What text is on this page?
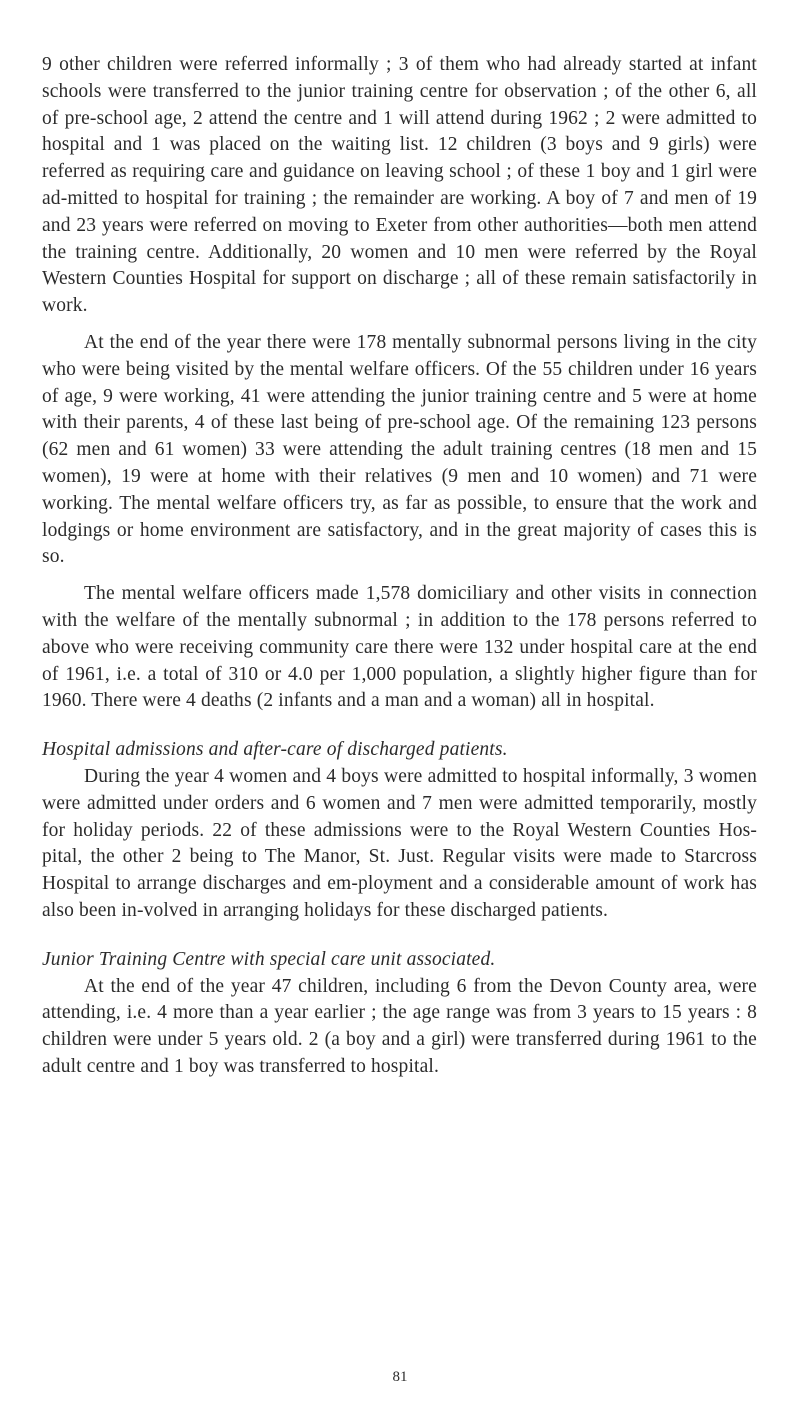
9 other children were referred informally ; 3 of them who had already started at infant schools were transferred to the junior training centre for observation ; of the other 6, all of pre-school age, 2 attend the centre and 1 will attend during 1962 ; 2 were admitted to hospital and 1 was placed on the waiting list. 12 children (3 boys and 9 girls) were referred as requiring care and guidance on leaving school ; of these 1 boy and 1 girl were ad-mitted to hospital for training ; the remainder are working. A boy of 7 and men of 19 and 23 years were referred on moving to Exeter from other authorities—both men attend the training centre. Additionally, 20 women and 10 men were referred by the Royal Western Counties Hospital for support on discharge ; all of these remain satisfactorily in work.

At the end of the year there were 178 mentally subnormal persons living in the city who were being visited by the mental welfare officers. Of the 55 children under 16 years of age, 9 were working, 41 were attending the junior training centre and 5 were at home with their parents, 4 of these last being of pre-school age. Of the remaining 123 persons (62 men and 61 women) 33 were attending the adult training centres (18 men and 15 women), 19 were at home with their relatives (9 men and 10 women) and 71 were working. The mental welfare officers try, as far as possible, to ensure that the work and lodgings or home environment are satisfactory, and in the great majority of cases this is so.

The mental welfare officers made 1,578 domiciliary and other visits in connection with the welfare of the mentally subnormal ; in addition to the 178 persons referred to above who were receiving community care there were 132 under hospital care at the end of 1961, i.e. a total of 310 or 4.0 per 1,000 population, a slightly higher figure than for 1960. There were 4 deaths (2 infants and a man and a woman) all in hospital.

Hospital admissions and after-care of discharged patients.

During the year 4 women and 4 boys were admitted to hospital informally, 3 women were admitted under orders and 6 women and 7 men were admitted temporarily, mostly for holiday periods. 22 of these admissions were to the Royal Western Counties Hos-pital, the other 2 being to The Manor, St. Just. Regular visits were made to Starcross Hospital to arrange discharges and em-ployment and a considerable amount of work has also been in-volved in arranging holidays for these discharged patients.

Junior Training Centre with special care unit associated.

At the end of the year 47 children, including 6 from the Devon County area, were attending, i.e. 4 more than a year earlier ; the age range was from 3 years to 15 years : 8 children were under 5 years old. 2 (a boy and a girl) were transferred during 1961 to the adult centre and 1 boy was transferred to hospital.

81
